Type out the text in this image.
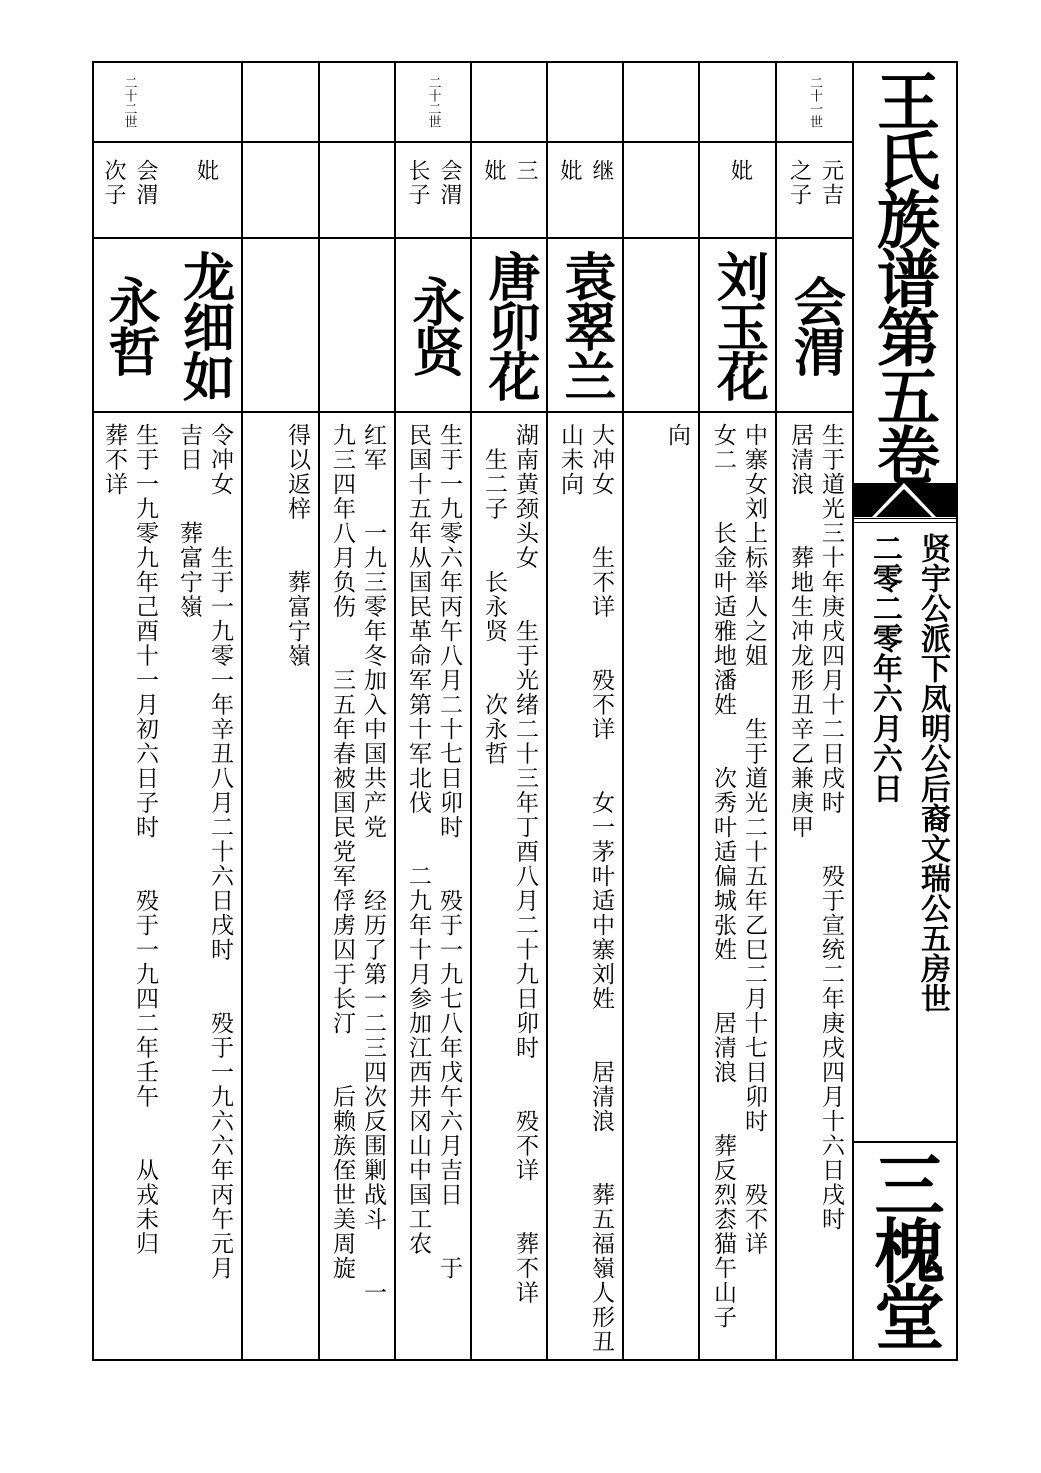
王氏族谱第五卷
贤宇公派下凤明公后裔文瑞公五房世
二零二零年六月六日
三槐堂
二十一世
元吉
之子
会渭
生于道光三十年庚戌四月十二日戌时　　殁于宣统二年庚戌四月十六日戌时
居清浪　　葬地生冲龙形丑辛乙兼庚甲
妣
刘玉花
中寨女刘上标举人之姐　　生于道光二十五年乙巳二月十七日卯时　　殁不详
女二　　长金叶适雅地潘姓　　次秀叶适偏城张姓　　居清浪　　葬反烈枩猫午山子
向
继
妣
袁翠兰
大冲女　　生不详　　殁不详　　女一茅叶适中寨刘姓　　居清浪　　葬五福嶺人形丑
山未向
三
妣
唐卯花
湖南黄颈头女　　生于光绪二十三年丁酉八月二十九日卯时　　殁不详　　葬不详
　生二子　　长永贤　　次永哲
二十二世
会渭
长子
永贤
生于一九零六年丙午八月二十七日卯时　　殁于一九七八年戊午六月吉日　　于
民国十五年从国民革命军第十军北伐　　二九年十月参加江西井冈山中国工农
红军　　一九三零年冬加入中国共产党　　经历了第一二三四次反围剿战斗　　一
九三四年八月负伤　　三五年春被国民党军俘虏囚于长汀　　后赖族侄世美周旋
得以返梓　　葬富宁嶺
妣
龙细如
令冲女　　生于一九零一年辛丑八月二十六日戌时　　殁于一九六六年丙午元月
吉日　　葬富宁嶺
二十二世
会渭
次子
永哲
生于一九零九年己酉十一月初六日子时　　殁于一九四二年壬午　　从戎未归
葬不详
